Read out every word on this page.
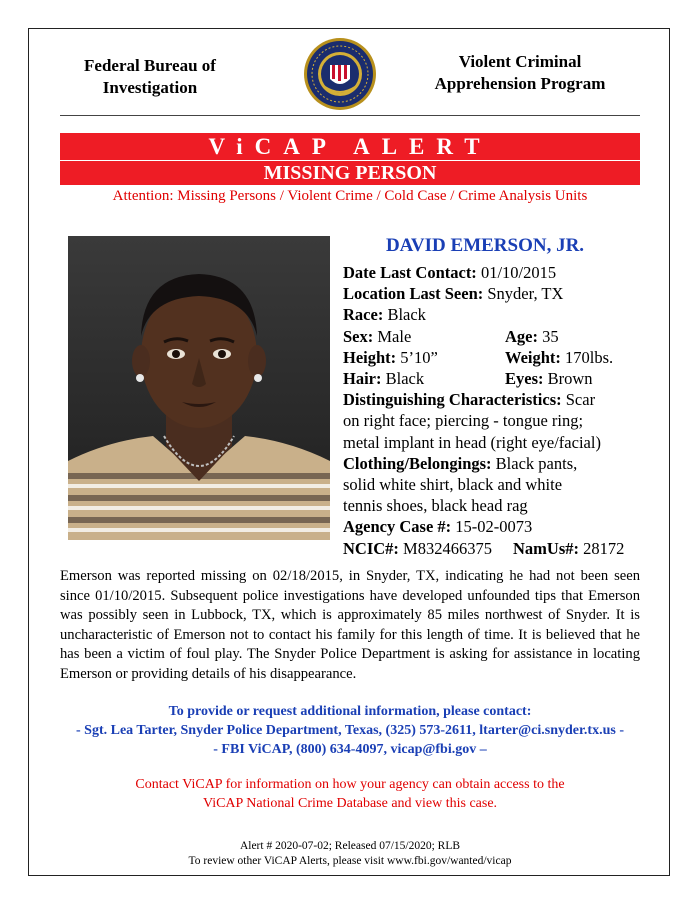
Federal Bureau of
Investigation
Violent Criminal
Apprehension Program
ViCAP ALERT
MISSING PERSON
Attention: Missing Persons / Violent Crime / Cold Case / Crime Analysis Units
DAVID EMERSON, JR.
Date Last Contact: 01/10/2015
Location Last Seen: Snyder, TX
Race: Black
Sex: Male	Age: 35
Height: 5’10”	Weight: 170lbs.
Hair: Black	Eyes: Brown
Distinguishing Characteristics: Scar
on right face; piercing - tongue ring;
metal implant in head (right eye/facial)
Clothing/Belongings: Black pants,
solid white shirt, black and white
tennis shoes, black head rag
Agency Case #: 15-02-0073
NCIC#: M832466375 NamUs#: 28172
Emerson was reported missing on 02/18/2015, in Snyder, TX, indicating he had not been seen since 01/10/2015. Subsequent police investigations have developed unfounded tips that Emerson was possibly seen in Lubbock, TX, which is approximately 85 miles northwest of Snyder. It is uncharacteristic of Emerson not to contact his family for this length of time. It is believed that he has been a victim of foul play. The Snyder Police Department is asking for assistance in locating Emerson or providing details of his disappearance.
To provide or request additional information, please contact:
- Sgt. Lea Tarter, Snyder Police Department, Texas, (325) 573-2611, ltarter@ci.snyder.tx.us -
- FBI ViCAP, (800) 634-4097, vicap@fbi.gov –
Contact ViCAP for information on how your agency can obtain access to the
ViCAP National Crime Database and view this case.
Alert # 2020-07-02; Released 07/15/2020; RLB
To review other ViCAP Alerts, please visit www.fbi.gov/wanted/vicap
